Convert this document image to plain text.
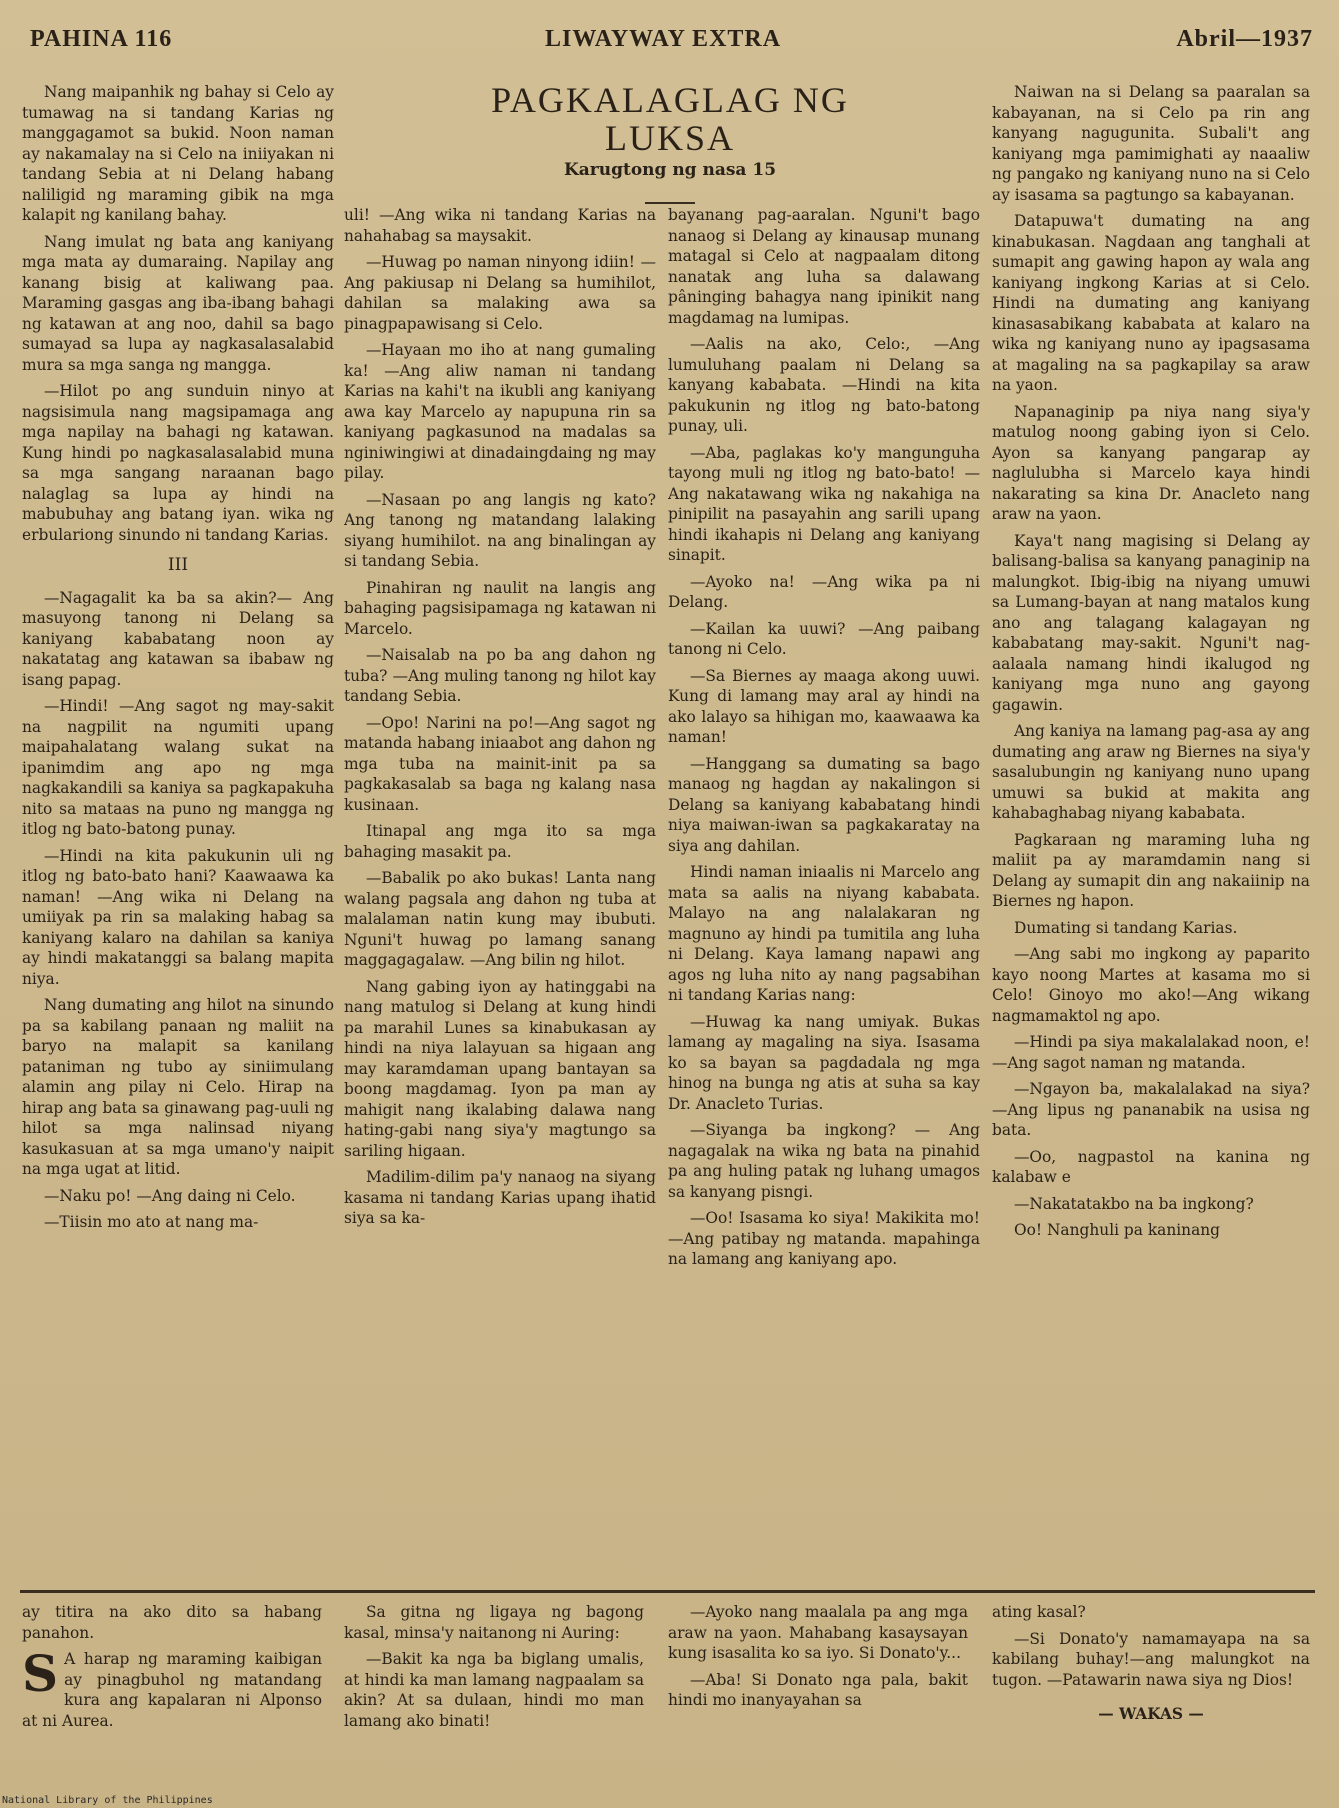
PAHINA 116	LIWAYWAY EXTRA	Abril—1937
PAGKALAGLAG NG LUKSA
Karugtong ng nasa 15

Nang maipanhik ng bahay si Celo ay tumawag na si tandang Karias ng manggagamot sa bukid. Noon naman ay nakamalay na si Celo na iniiyakan ni tandang Sebia at ni Delang habang naliligid ng maraming gibik na mga kalapit ng kanilang bahay.

Nang imulat ng bata ang kaniyang mga mata ay dumaraing. Napilay ang kanang bisig at kaliwang paa. Maraming gasgas ang iba-ibang bahagi ng katawan at ang noo, dahil sa bago sumayad sa lupa ay nagkasalasalabid mura sa mga sanga ng mangga.

—Hilot po ang sunduin ninyo at nagsisimula nang magsipamaga ang mga napilay na bahagi ng katawan. Kung hindi po nagkasalasalabid muna sa mga sangang naraanan bago nalaglag sa lupa ay hindi na mabubuhay ang batang iyan. wika ng erbulariong sinundo ni tandang Karias.

III

—Nagagalit ka ba sa akin?— Ang masuyong tanong ni Delang sa kaniyang kababatang noon ay nakatatag ang katawan sa ibabaw ng isang papag.

—Hindi! —Ang sagot ng may-sakit na nagpilit na ngumiti upang maipahalatang walang sukat na ipanimdim ang apo ng mga nagkakandili sa kaniya sa pagkapakuha nito sa mataas na puno ng mangga ng itlog ng bato-batong punay.

—Hindi na kita pakukunin uli ng itlog ng bato-bato hani? Kaawaawa ka naman! —Ang wika ni Delang na umiiyak pa rin sa malaking habag sa kaniyang kalaro na dahilan sa kaniya ay hindi makatanggi sa balang mapita niya.

Nang dumating ang hilot na sinundo pa sa kabilang panaan ng maliit na baryo na malapit sa kanilang pataniman ng tubo ay siniimulang alamin ang pilay ni Celo. Hirap na hirap ang bata sa ginawang pag-uuli ng hilot sa mga nalinsad niyang kasukasuan at sa mga umano'y naipit na mga ugat at litid.

—Naku po! —Ang daing ni Celo.

—Tiisin mo ato at nang ma-

uli! —Ang wika ni tandang Karias na nahahabag sa maysakit.

—Huwag po naman ninyong idiin! —Ang pakiusap ni Delang sa humihilot, dahilan sa malaking awa sa pinagpapawisang si Celo.

—Hayaan mo iho at nang gumaling ka! —Ang aliw naman ni tandang Karias na kahi't na ikubli ang kaniyang awa kay Marcelo ay napupuna rin sa kaniyang pagkasunod na madalas sa nginiwingiwi at dinadaingdaing ng may pilay.

—Nasaan po ang langis ng kato? Ang tanong ng matandang lalaking siyang humihilot. na ang binalingan ay si tandang Sebia.

Pinahiran ng naulit na langis ang bahaging pagsisipamaga ng katawan ni Marcelo.

—Naisalab na po ba ang dahon ng tuba? —Ang muling tanong ng hilot kay tandang Sebia.

—Opo! Narini na po!—Ang sagot ng matanda habang iniaabot ang dahon ng mga tuba na mainit-init pa sa pagkakasalab sa baga ng kalang nasa kusinaan.

Itinapal ang mga ito sa mga bahaging masakit pa.

—Babalik po ako bukas! Lanta nang walang pagsala ang dahon ng tuba at malalaman natin kung may ibubuti. Nguni't huwag po lamang sanang maggagagalaw. —Ang bilin ng hilot.

Nang gabing iyon ay hatinggabi na nang matulog si Delang at kung hindi pa marahil Lunes sa kinabukasan ay hindi na niya lalayuan sa higaan ang may karamdaman upang bantayan sa boong magdamag. Iyon pa man ay mahigit nang ikalabing dalawa nang hating-gabi nang siya'y magtungo sa sariling higaan.

Madilim-dilim pa'y nanaog na siyang kasama ni tandang Karias upang ihatid siya sa ka-

bayanang pag-aaralan. Nguni't bago nanaog si Delang ay kinausap munang matagal si Celo at nagpaalam ditong nanatak ang luha sa dalawang pâninging bahagya nang ipinikit nang magdamag na lumipas.

—Aalis na ako, Celo:, —Ang lumuluhang paalam ni Delang sa kanyang kababata. —Hindi na kita pakukunin ng itlog ng bato-batong punay, uli.

—Aba, paglakas ko'y mangunguha tayong muli ng itlog ng bato-bato! —Ang nakatawang wika ng nakahiga na pinipilit na pasayahin ang sarili upang hindi ikahapis ni Delang ang kaniyang sinapit.

—Ayoko na! —Ang wika pa ni Delang.

—Kailan ka uuwi? —Ang paibang tanong ni Celo.

—Sa Biernes ay maaga akong uuwi. Kung di lamang may aral ay hindi na ako lalayo sa hihigan mo, kaawaawa ka naman!

—Hanggang sa dumating sa bago manaog ng hagdan ay nakalingon si Delang sa kaniyang kababatang hindi niya maiwan-iwan sa pagkakaratay na siya ang dahilan.

Hindi naman iniaalis ni Marcelo ang mata sa aalis na niyang kababata. Malayo na ang nalalakaran ng magnuno ay hindi pa tumitila ang luha ni Delang. Kaya lamang napawi ang agos ng luha nito ay nang pagsabihan ni tandang Karias nang:

—Huwag ka nang umiyak. Bukas lamang ay magaling na siya. Isasama ko sa bayan sa pagdadala ng mga hinog na bunga ng atis at suha sa kay Dr. Anacleto Turias.

—Siyanga ba ingkong? — Ang nagagalak na wika ng bata na pinahid pa ang huling patak ng luhang umagos sa kanyang pisngi.

—Oo! Isasama ko siya! Makikita mo!—Ang patibay ng matanda. mapahinga na lamang ang kaniyang apo.

Naiwan na si Delang sa paaralan sa kabayanan, na si Celo pa rin ang kanyang nagugunita. Subali't ang kaniyang mga pamimighati ay naaaliw ng pangako ng kaniyang nuno na si Celo ay isasama sa pagtungo sa kabayanan.

Datapuwa't dumating na ang kinabukasan. Nagdaan ang tanghali at sumapit ang gawing hapon ay wala ang kaniyang ingkong Karias at si Celo. Hindi na dumating ang kaniyang kinasasabikang kababata at kalaro na wika ng kaniyang nuno ay ipagsasama at magaling na sa pagkapilay sa araw na yaon.

Napanaginip pa niya nang siya'y matulog noong gabing iyon si Celo. Ayon sa kanyang pangarap ay naglulubha si Marcelo kaya hindi nakarating sa kina Dr. Anacleto nang araw na yaon.

Kaya't nang magising si Delang ay balisang-balisa sa kanyang panaginip na malungkot. Ibig-ibig na niyang umuwi sa Lumang-bayan at nang matalos kung ano ang talagang kalagayan ng kababatang may-sakit. Nguni't nag-aalaala namang hindi ikalugod ng kaniyang mga nuno ang gayong gagawin.

Ang kaniya na lamang pag-asa ay ang dumating ang araw ng Biernes na siya'y sasalubungin ng kaniyang nuno upang umuwi sa bukid at makita ang kahabaghabag niyang kababata.

Pagkaraan ng maraming luha ng maliit pa ay maramdamin nang si Delang ay sumapit din ang nakaiinip na Biernes ng hapon.

Dumating si tandang Karias.

—Ang sabi mo ingkong ay paparito kayo noong Martes at kasama mo si Celo! Ginoyo mo ako!—Ang wikang nagmamaktol ng apo.

—Hindi pa siya makalalakad noon, e!—Ang sagot naman ng matanda.

—Ngayon ba, makalalakad na siya? —Ang lipus ng pananabik na usisa ng bata.

—Oo, nagpastol na kanina ng kalabaw e

—Nakatatakbo na ba ingkong?

Oo! Nanghuli pa kaninang

ay titira na ako dito sa habang panahon.

S A harap ng maraming kaibigan ay pinagbuhol ng matandang kura ang kapalaran ni Alponso at ni Aurea.

Sa gitna ng ligaya ng bagong kasal, minsa'y naitanong ni Auring:

—Bakit ka nga ba biglang umalis, at hindi ka man lamang nagpaalam sa akin? At sa dulaan, hindi mo man lamang ako binati!

—Ayoko nang maalala pa ang mga araw na yaon. Mahabang kasaysayan kung isasalita ko sa iyo. Si Donato'y...

—Aba! Si Donato nga pala, bakit hindi mo inanyayahan sa

ating kasal?

—Si Donato'y namamayapa na sa kabilang buhay!—ang malungkot na tugon. —Patawarin nawa siya ng Dios!

— WAKAS —
National Library of the Philippines
